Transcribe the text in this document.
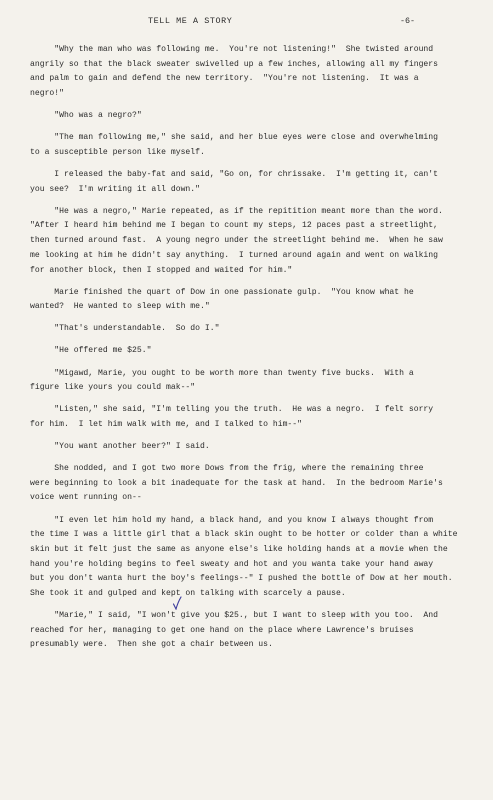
TELL ME A STORY	-6-
"Why the man who was following me.  You're not listening!"  She twisted around
angrily so that the black sweater swivelled up a few inches, allowing all my fingers
and palm to gain and defend the new territory.  "You're not listening.  It was a
negro!"
"Who was a negro?"
"The man following me," she said, and her blue eyes were close and overwhelming
to a susceptible person like myself.
I released the baby-fat and said, "Go on, for chrissake.  I'm getting it, can't
you see?  I'm writing it all down."
"He was a negro," Marie repeated, as if the repitition meant more than the word.
"After I heard him behind me I began to count my steps, 12 paces past a streetlight,
then turned around fast.  A young negro under the streetlight behind me.  When he saw
me looking at him he didn't say anything.  I turned around again and went on walking
for another block, then I stopped and waited for him."
Marie finished the quart of Dow in one passionate gulp.  "You know what he
wanted?  He wanted to sleep with me."
"That's understandable.  So do I."
"He offered me $25."
"Migawd, Marie, you ought to be worth more than twenty five bucks.  With a
figure like yours you could mak--"
"Listen," she said, "I'm telling you the truth.  He was a negro.  I felt sorry
for him.  I let him walk with me, and I talked to him--"
"You want another beer?" I said.
She nodded, and I got two more Dows from the frig, where the remaining three
were beginning to look a bit inadequate for the task at hand.  In the bedroom Marie's
voice went running on--
"I even let him hold my hand, a black hand, and you know I always thought from
the time I was a little girl that a black skin ought to be hotter or colder than a white
skin but it felt just the same as anyone else's like holding hands at a movie when the
hand you're holding begins to feel sweaty and hot and you wanta take your hand away
but you don't wanta hurt the boy's feelings--" I pushed the bottle of Dow at her mouth.
She took it and gulped and kept on talking with scarcely a pause.
"Marie," I said, "I won't give you $25., but I want to sleep with you too.  And
reached for her, managing to get one hand on the place where Lawrence's bruises
presumably were.  Then she got a chair between us.
